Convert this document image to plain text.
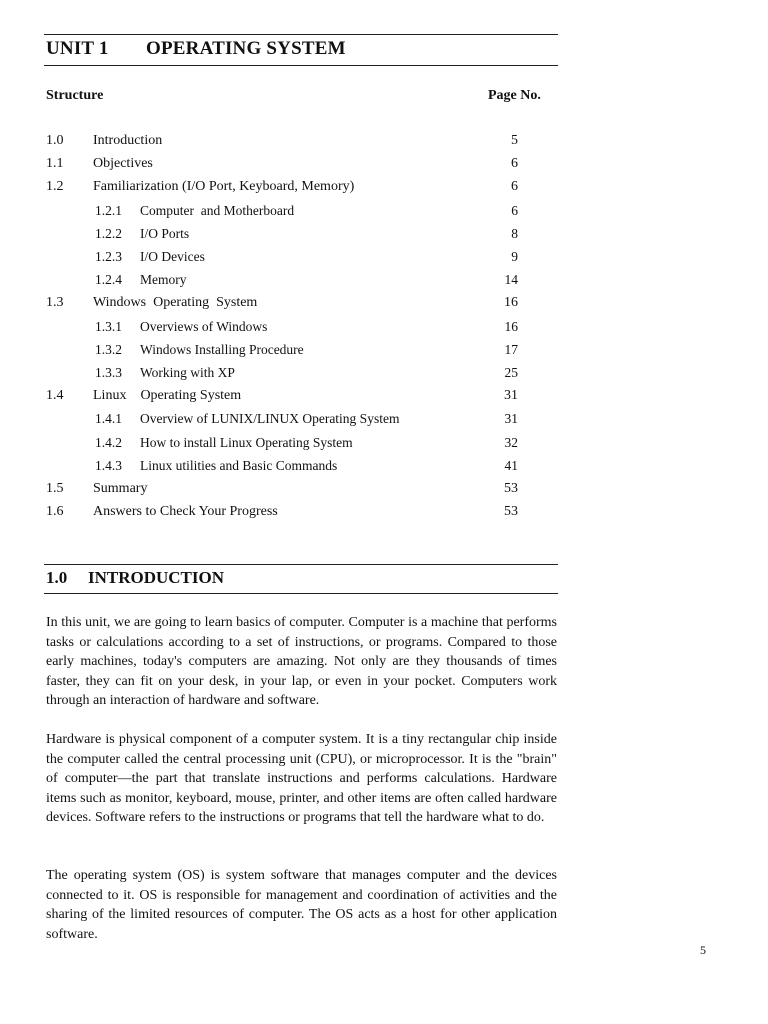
UNIT 1 OPERATING SYSTEM
Structure	Page No.
1.0 Introduction	5
1.1 Objectives	6
1.2 Familiarization (I/O Port, Keyboard, Memory)	6
1.2.1 Computer  and Motherboard	6
1.2.2 I/O Ports	8
1.2.3 I/O Devices	9
1.2.4 Memory	14
1.3 Windows  Operating  System	16
1.3.1 Overviews of Windows	16
1.3.2 Windows Installing Procedure	17
1.3.3 Working with XP	25
1.4 Linux    Operating System	31
1.4.1 Overview of LUNIX/LINUX Operating System	31
1.4.2 How to install Linux Operating System	32
1.4.3 Linux utilities and Basic Commands	41
1.5 Summary	53
1.6 Answers to Check Your Progress	53
1.0 INTRODUCTION

In this unit, we are going to learn basics of computer. Computer is a machine that performs tasks or calculations according to a set of instructions, or programs. Compared to those early machines, today's computers are amazing. Not only are they thousands of times faster, they can fit on your desk, in your lap, or even in your pocket. Computers work through an interaction of hardware and software.

Hardware is physical component of a computer system. It is a tiny rectangular chip inside the computer called the central processing unit (CPU), or microprocessor. It is the "brain" of computer—the part that translate instructions and performs calculations. Hardware items such as monitor, keyboard, mouse, printer, and other items are often called hardware devices. Software refers to the instructions or programs that tell the hardware what to do.

The operating system (OS) is system software that manages computer and the devices connected to it. OS is responsible for management and coordination of activities and the sharing of the limited resources of computer. The OS acts as a host for other application software.

5
